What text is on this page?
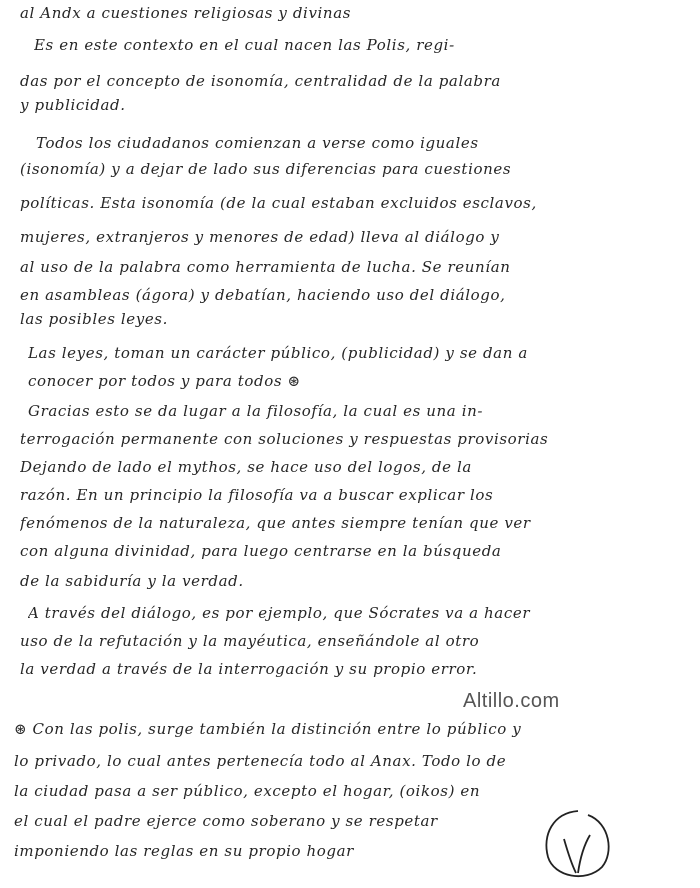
al Andx a cuestiones religiosas y divinas
Es en este contexto en el cual nacen las Polis, regi-
das por el concepto de isonomía, centralidad de la palabra
y publicidad.
Todos los ciudadanos comienzan a verse como iguales
(isonomía) y a dejar de lado sus diferencias para cuestiones
políticas. Esta isonomía (de la cual estaban excluidos esclavos,
mujeres, extranjeros y menores de edad) lleva al diálogo y
al uso de la palabra como herramienta de lucha. Se reunían
en asambleas (ágora) y debatían, haciendo uso del diálogo,
las posibles leyes.
Las leyes, toman un carácter público, (publicidad) y se dan a
conocer por todos y para todos ⊛
Gracias esto se da lugar a la filosofía, la cual es una in-
terrogación permanente con soluciones y respuestas provisorias
Dejando de lado el mythos, se hace uso del logos, de la
razón. En un principio la filosofía va a buscar explicar los
fenómenos de la naturaleza, que antes siempre tenían que ver
con alguna divinidad, para luego centrarse en la búsqueda
de la sabiduría y la verdad.
A través del diálogo, es por ejemplo, que Sócrates va a hacer
uso de la refutación y la mayéutica, enseñándole al otro
la verdad a través de la interrogación y su propio error.
Altillo.com
⊛ Con las polis, surge también la distinción entre lo público y
lo privado, lo cual antes pertenecía todo al Anax. Todo lo de
la ciudad pasa a ser público, excepto el hogar, (oikos) en
el cual el padre ejerce como soberano y se respetar
imponiendo las reglas en su propio hogar
